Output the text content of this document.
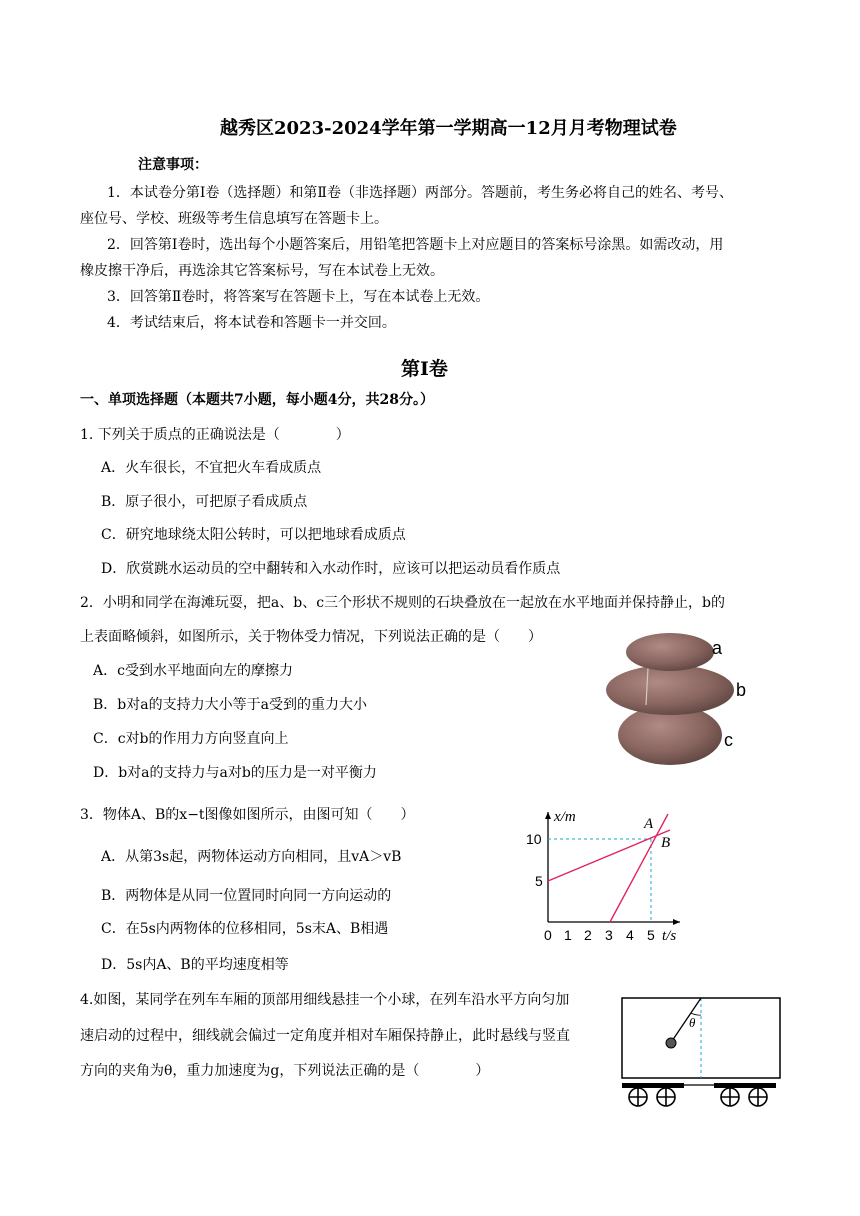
越秀区2023-2024学年第一学期高一12月月考物理试卷
注意事项：
1．本试卷分第Ⅰ卷（选择题）和第Ⅱ卷（非选择题）两部分。答题前，考生务必将自己的姓名、考号、
座位号、学校、班级等考生信息填写在答题卡上。
2．回答第Ⅰ卷时，选出每个小题答案后，用铅笔把答题卡上对应题目的答案标号涂黑。如需改动，用
橡皮擦干净后，再选涂其它答案标号，写在本试卷上无效。
3．回答第Ⅱ卷时，将答案写在答题卡上，写在本试卷上无效。
4．考试结束后，将本试卷和答题卡一并交回。
第Ⅰ卷
一、单项选择题（本题共7小题，每小题4分，共28分。）
1. 下列关于质点的正确说法是（　　　　）
A．火车很长，不宜把火车看成质点
B．原子很小，可把原子看成质点
C．研究地球绕太阳公转时，可以把地球看成质点
D．欣赏跳水运动员的空中翻转和入水动作时，应该可以把运动员看作质点
2．小明和同学在海滩玩耍，把a、b、c三个形状不规则的石块叠放在一起放在水平地面并保持静止，b的
上表面略倾斜，如图所示，关于物体受力情况，下列说法正确的是（　　）
A．c受到水平地面向左的摩擦力
B．b对a的支持力大小等于a受到的重力大小
C．c对b的作用力方向竖直向上
D．b对a的支持力与a对b的压力是一对平衡力
a
b
c
3．物体A、B的x−t图像如图所示，由图可知（　　）
A．从第3s起，两物体运动方向相同，且vA＞vB
B．两物体是从同一位置同时向同一方向运动的
C．在5s内两物体的位移相同，5s末A、B相遇
D．5s内A、B的平均速度相等
x/m
t/s
10
5
0 1 2 3 4 5
A
B
4.如图，某同学在列车车厢的顶部用细线悬挂一个小球，在列车沿水平方向匀加
速启动的过程中，细线就会偏过一定角度并相对车厢保持静止，此时悬线与竖直
方向的夹角为θ，重力加速度为g，下列说法正确的是（　　　　）
θ
